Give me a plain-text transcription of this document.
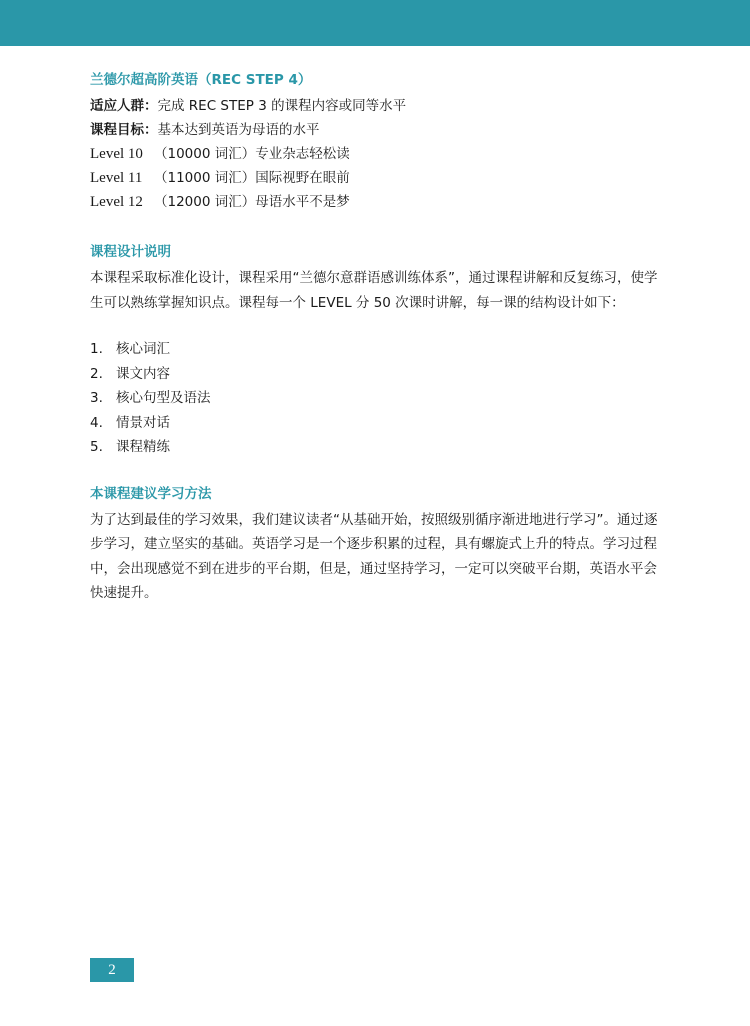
兰德尔超高阶英语（REC STEP 4）
适应人群：完成 REC STEP 3 的课程内容或同等水平
课程目标：基本达到英语为母语的水平
Level 10 （10000 词汇）专业杂志轻松读
Level 11 （11000 词汇）国际视野在眼前
Level 12 （12000 词汇）母语水平不是梦
课程设计说明
本课程采取标准化设计，课程采用“兰德尔意群语感训练体系”，通过课程讲解和反复练习，使学生可以熟练掌握知识点。课程每一个 LEVEL 分 50 次课时讲解，每一课的结构设计如下：
1. 核心词汇
2. 课文内容
3. 核心句型及语法
4. 情景对话
5. 课程精练
本课程建议学习方法
为了达到最佳的学习效果，我们建议读者“从基础开始，按照级别循序渐进地进行学习”。通过逐步学习，建立坚实的基础。英语学习是一个逐步积累的过程，具有螺旋式上升的特点。学习过程中，会出现感觉不到在进步的平台期，但是，通过坚持学习，一定可以突破平台期，英语水平会快速提升。
2
